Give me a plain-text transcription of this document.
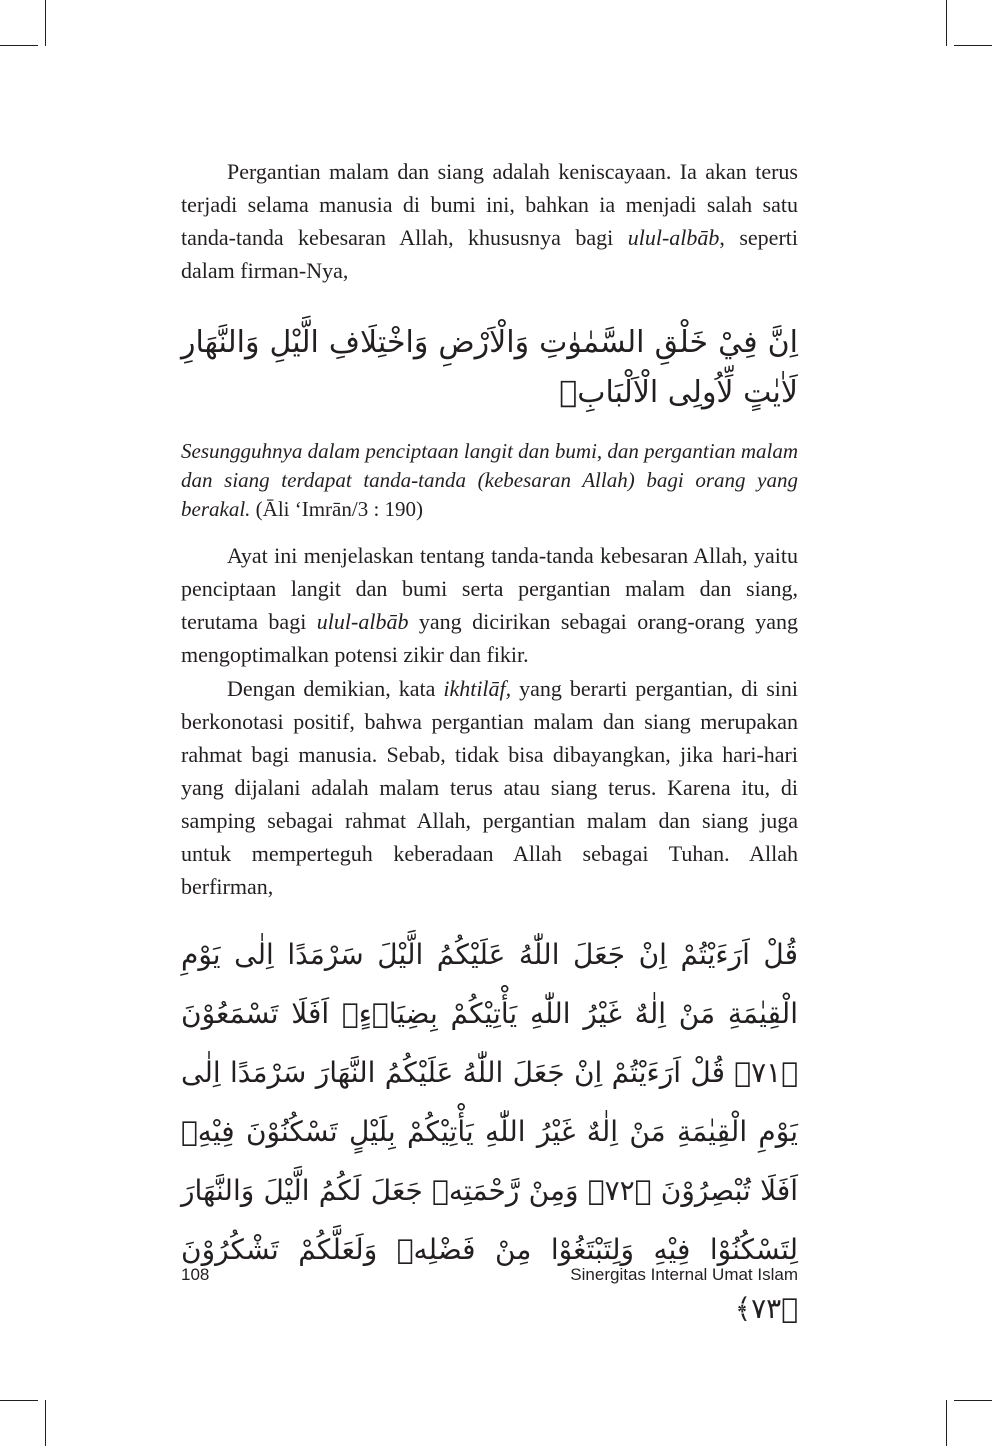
Pergantian malam dan siang adalah keniscayaan. Ia akan terus terjadi selama manusia di bumi ini, bahkan ia menjadi salah satu tanda-tanda kebesaran Allah, khususnya bagi ulul-albāb, seperti dalam firman-Nya,

اِنَّ فِيْ خَلْقِ السَّمٰوٰتِ وَالْاَرْضِ وَاخْتِلَافِ الَّيْلِ وَالنَّهَارِ لَاٰيٰتٍ لِّاُولِى الْاَلْبَابِۙ

Sesungguhnya dalam penciptaan langit dan bumi, dan pergantian malam dan siang terdapat tanda-tanda (kebesaran Allah) bagi orang yang berakal. (Āli ‘Imrān/3 : 190)

Ayat ini menjelaskan tentang tanda-tanda kebesaran Allah, yaitu penciptaan langit dan bumi serta pergantian malam dan siang, terutama bagi ulul-albāb yang dicirikan sebagai orang-orang yang mengoptimalkan potensi zikir dan fikir.

Dengan demikian, kata ikhtilāf, yang berarti pergantian, di sini berkonotasi positif, bahwa pergantian malam dan siang merupakan rahmat bagi manusia. Sebab, tidak bisa dibayangkan, jika hari-hari yang dijalani adalah malam terus atau siang terus. Karena itu, di samping sebagai rahmat Allah, pergantian malam dan siang juga untuk memperteguh keberadaan Allah sebagai Tuhan. Allah berfirman,

قُلْ اَرَءَيْتُمْ اِنْ جَعَلَ اللّٰهُ عَلَيْكُمُ الَّيْلَ سَرْمَدًا اِلٰى يَوْمِ الْقِيٰمَةِ مَنْ اِلٰهٌ غَيْرُ اللّٰهِ يَأْتِيْكُمْ بِضِيَاۤءٍۗ اَفَلَا تَسْمَعُوْنَ ﴿٧١﴾ قُلْ اَرَءَيْتُمْ اِنْ جَعَلَ اللّٰهُ عَلَيْكُمُ النَّهَارَ سَرْمَدًا اِلٰى يَوْمِ الْقِيٰمَةِ مَنْ اِلٰهٌ غَيْرُ اللّٰهِ يَأْتِيْكُمْ بِلَيْلٍ تَسْكُنُوْنَ فِيْهِۗ اَفَلَا تُبْصِرُوْنَ ﴿٧٢﴾ وَمِنْ رَّحْمَتِهٖ جَعَلَ لَكُمُ الَّيْلَ وَالنَّهَارَ لِتَسْكُنُوْا فِيْهِ وَلِتَبْتَغُوْا مِنْ فَضْلِهٖ وَلَعَلَّكُمْ تَشْكُرُوْنَ ﴿٧٣﴾

108	Sinergitas Internal Umat Islam
